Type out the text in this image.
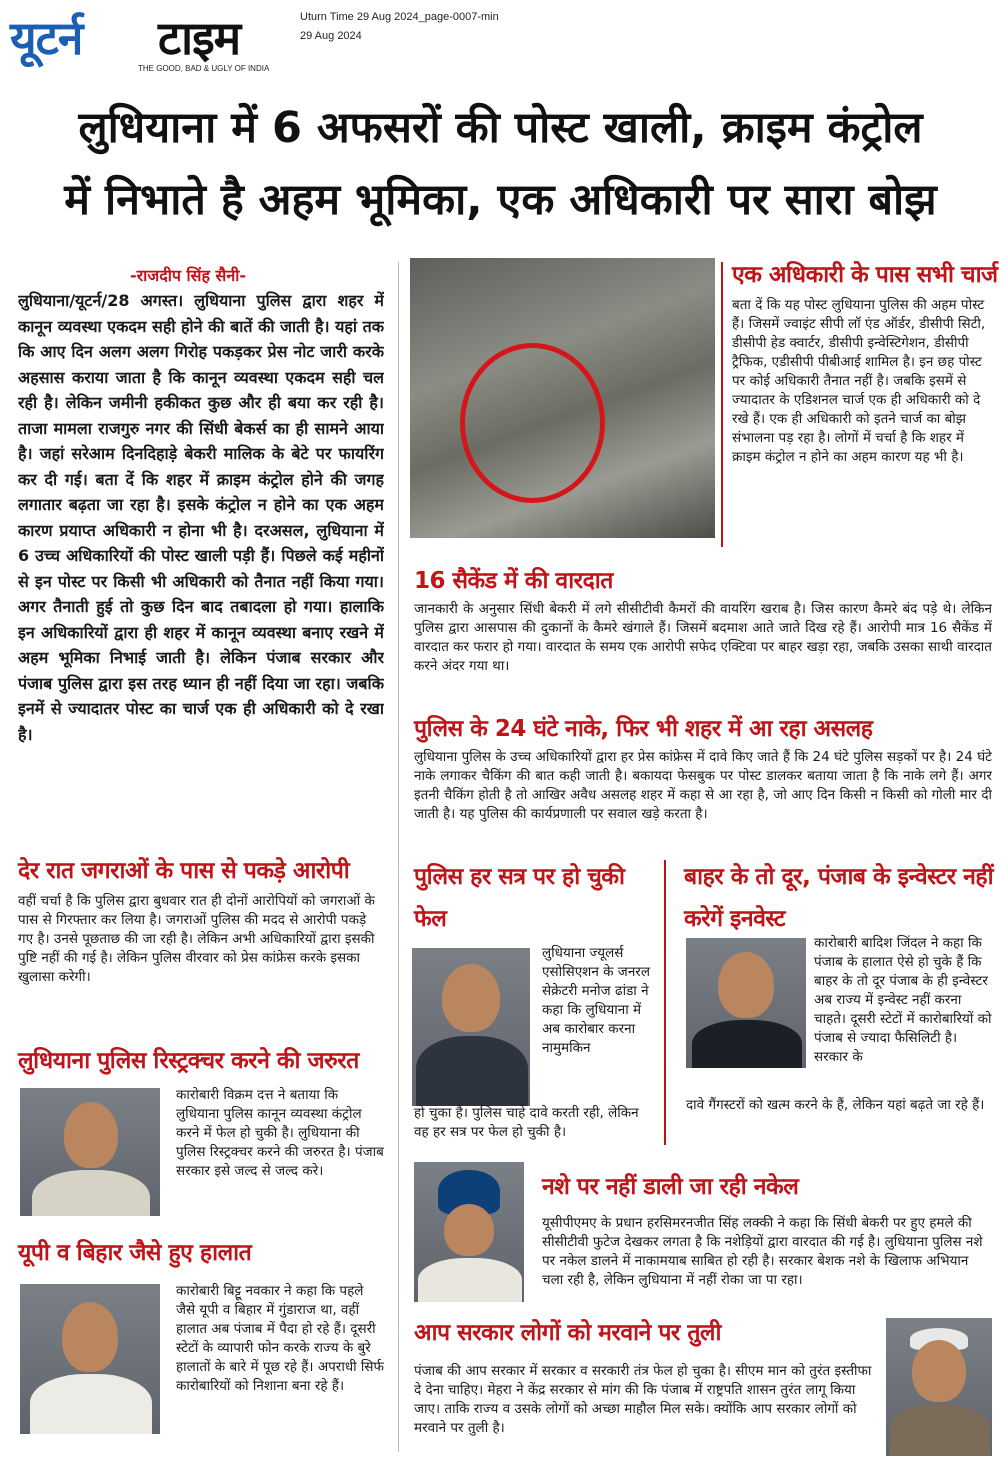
यूटर्न टाइम
THE GOOD, BAD & UGLY OF INDIA
Uturn Time 29 Aug 2024_page-0007-min
29 Aug 2024
लुधियाना में 6 अफसरों की पोस्ट खाली, क्राइम कंट्रोल
में निभाते है अहम भूमिका, एक अधिकारी पर सारा बोझ
-राजदीप सिंह सैनी-
लुधियाना/यूटर्न/28 अगस्त। लुधियाना पुलिस द्वारा शहर में कानून व्यवस्था एकदम सही होने की बातें की जाती है। यहां तक कि आए दिन अलग अलग गिरोह पकड़कर प्रेस नोट जारी करके अहसास कराया जाता है कि कानून व्यवस्था एकदम सही चल रही है। लेकिन जमीनी हकीकत कुछ और ही बया कर रही है। ताजा मामला राजगुरु नगर की सिंधी बेकर्स का ही सामने आया है। जहां सरेआम दिनदिहाड़े बेकरी मालिक के बेटे पर फायरिंग कर दी गई। बता दें कि शहर में क्राइम कंट्रोल होने की जगह लगातार बढ़ता जा रहा है। इसके कंट्रोल न होने का एक अहम कारण प्रयाप्त अधिकारी न होना भी है। दरअसल, लुधियाना में 6 उच्च अधिकारियों की पोस्ट खाली पड़ी हैं। पिछले कई महीनों से इन पोस्ट पर किसी भी अधिकारी को तैनात नहीं किया गया। अगर तैनाती हुई तो कुछ दिन बाद तबादला हो गया। हालाकि इन अधिकारियों द्वारा ही शहर में कानून व्यवस्था बनाए रखने में अहम भूमिका निभाई जाती है। लेकिन पंजाब सरकार और पंजाब पुलिस द्वारा इस तरह ध्यान ही नहीं दिया जा रहा। जबकि इनमें से ज्यादातर पोस्ट का चार्ज एक ही अधिकारी को दे रखा है।
एक अधिकारी के पास सभी चार्ज
बता दें कि यह पोस्ट लुधियाना पुलिस की अहम पोस्ट हैं। जिसमें ज्वाइंट सीपी लॉ एंड ऑर्डर, डीसीपी सिटी, डीसीपी हेड क्वार्टर, डीसीपी इन्वेस्टिगेशन, डीसीपी ट्रैफिक, एडीसीपी पीबीआई शामिल है। इन छह पोस्ट पर कोई अधिकारी तैनात नहीं है। जबकि इसमें से ज्यादातर के एडिशनल चार्ज एक ही अधिकारी को दे रखे हैं। एक ही अधिकारी को इतने चार्ज का बोझ संभालना पड़ रहा है। लोगों में चर्चा है कि शहर में क्राइम कंट्रोल न होने का अहम कारण यह भी है।
16 सैकेंड में की वारदात
जानकारी के अनुसार सिंधी बेकरी में लगे सीसीटीवी कैमरों की वायरिंग खराब है। जिस कारण कैमरे बंद पड़े थे। लेकिन पुलिस द्वारा आसपास की दुकानों के कैमरे खंगाले हैं। जिसमें बदमाश आते जाते दिख रहे हैं। आरोपी मात्र 16 सैकेंड में वारदात कर फरार हो गया। वारदात के समय एक आरोपी सफेद एक्टिवा पर बाहर खड़ा रहा, जबकि उसका साथी वारदात करने अंदर गया था।
पुलिस के 24 घंटे नाके, फिर भी शहर में आ रहा असलह
लुधियाना पुलिस के उच्च अधिकारियों द्वारा हर प्रेस कांफ्रेस में दावे किए जाते हैं कि 24 घंटे पुलिस सड़कों पर है। 24 घंटे नाके लगाकर चैकिंग की बात कही जाती है। बकायदा फेसबुक पर पोस्ट डालकर बताया जाता है कि नाके लगे हैं। अगर इतनी चैकिंग होती है तो आखिर अवैध असलह शहर में कहा से आ रहा है, जो आए दिन किसी न किसी को गोली मार दी जाती है। यह पुलिस की कार्यप्रणाली पर सवाल खड़े करता है।
देर रात जगराओं के पास से पकड़े आरोपी
वहीं चर्चा है कि पुलिस द्वारा बुधवार रात ही दोनों आरोपियों को जगराओं के पास से गिरफ्तार कर लिया है। जगराओं पुलिस की मदद से आरोपी पकड़े गए है। उनसे पूछताछ की जा रही है। लेकिन अभी अधिकारियों द्वारा इसकी पुष्टि नहीं की गई है। लेकिन पुलिस वीरवार को प्रेस कांफ्रेस करके इसका खुलासा करेगी।
लुधियाना पुलिस रिस्ट्रक्चर करने की जरुरत
कारोबारी विक्रम दत्त ने बताया कि लुधियाना पुलिस कानून व्यवस्था कंट्रोल करने में फेल हो चुकी है। लुधियाना की पुलिस रिस्ट्रक्चर करने की जरुरत है। पंजाब सरकार इसे जल्द से जल्द करे।
यूपी व बिहार जैसे हुए हालात
कारोबारी बिट्टू नवकार ने कहा कि पहले जैसे यूपी व बिहार में गुंडाराज था, वहीं हालात अब पंजाब में पैदा हो रहे हैं। दूसरी स्टेटों के व्यापारी फोन करके राज्य के बुरे हालातों के बारे में पूछ रहे हैं। अपराधी सिर्फ कारोबारियों को निशाना बना रहे हैं।
पुलिस हर सत्र पर हो चुकी फेल
लुधियाना ज्यूलर्स एसोसिएशन के जनरल सेक्रेटरी मनोज ढांडा ने कहा कि लुधियाना में अब कारोबार करना नामुमकिन
हो चुका है। पुलिस चाहे दावे करती रही, लेकिन वह हर सत्र पर फेल हो चुकी है।
बाहर के तो दूर, पंजाब के इन्वेस्टर नहीं करेगें इनवेस्ट
कारोबारी बादिश जिंदल ने कहा कि पंजाब के हालात ऐसे हो चुके हैं कि बाहर के तो दूर पंजाब के ही इन्वेस्टर अब राज्य में इन्वेस्ट नहीं करना चाहते। दूसरी स्टेटों में कारोबारियों को पंजाब से ज्यादा फैसिलिटी है। सरकार के
दावे गैंगस्टरों को खत्म करने के हैं, लेकिन यहां बढ़ते जा रहे हैं।
नशे पर नहीं डाली जा रही नकेल
यूसीपीएमए के प्रधान हरसिमरनजीत सिंह लक्की ने कहा कि सिंधी बेकरी पर हुए हमले की सीसीटीवी फुटेज देखकर लगता है कि नशेड़ियों द्वारा वारदात की गई है। लुधियाना पुलिस नशे पर नकेल डालने में नाकामयाब साबित हो रही है। सरकार बेशक नशे के खिलाफ अभियान चला रही है, लेकिन लुधियाना में नहीं रोका जा पा रहा।
आप सरकार लोगों को मरवाने पर तुली
पंजाब की आप सरकार में सरकार व सरकारी तंत्र फेल हो चुका है। सीएम मान को तुरंत इस्तीफा दे देना चाहिए। मेहरा ने केंद्र सरकार से मांग की कि पंजाब में राष्ट्रपति शासन तुरंत लागू किया जाए। ताकि राज्य व उसके लोगों को अच्छा माहौल मिल सके। क्योंकि आप सरकार लोगों को मरवाने पर तुली है।
